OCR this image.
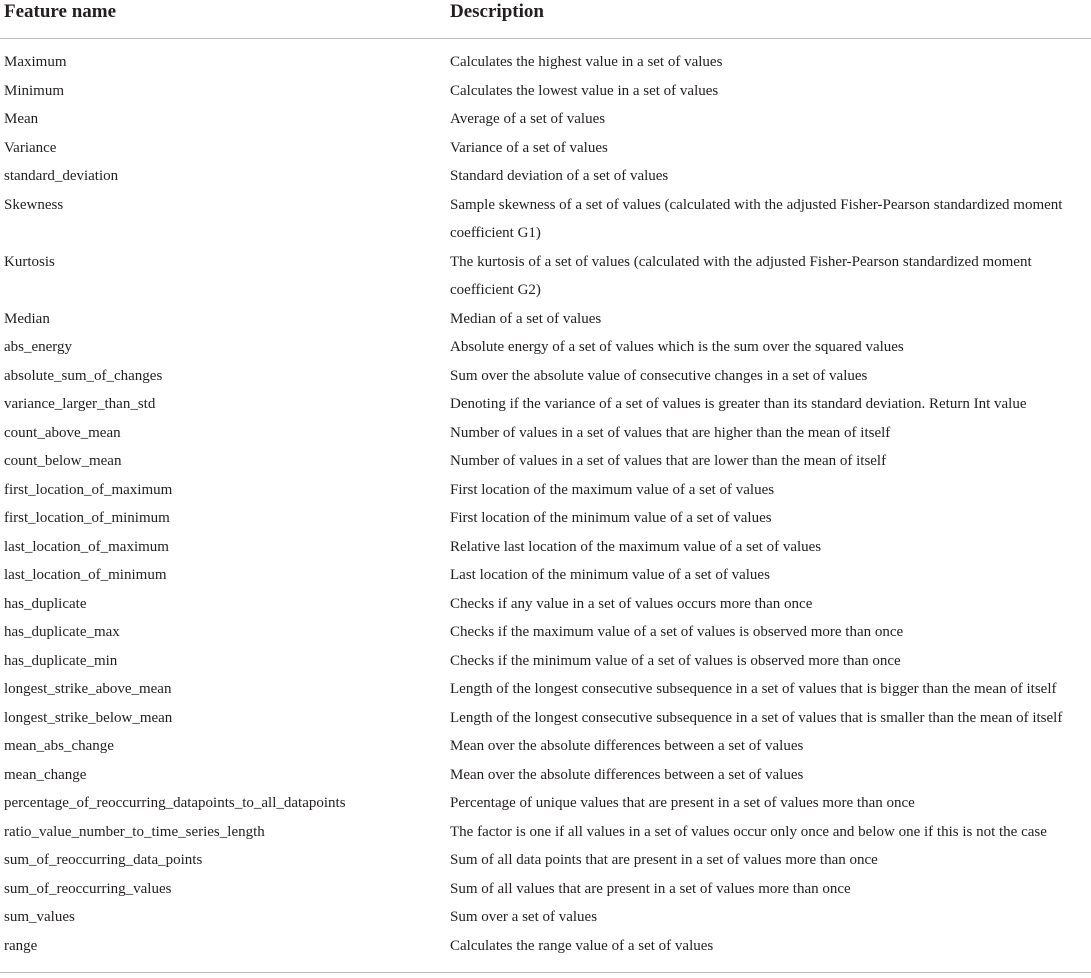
Feature name	Description
Maximum	Calculates the highest value in a set of values
Minimum	Calculates the lowest value in a set of values
Mean	Average of a set of values
Variance	Variance of a set of values
standard_deviation	Standard deviation of a set of values
Skewness	Sample skewness of a set of values (calculated with the adjusted Fisher-Pearson standardized moment coefficient G1)
Kurtosis	The kurtosis of a set of values (calculated with the adjusted Fisher-Pearson standardized moment coefficient G2)
Median	Median of a set of values
abs_energy	Absolute energy of a set of values which is the sum over the squared values
absolute_sum_of_changes	Sum over the absolute value of consecutive changes in a set of values
variance_larger_than_std	Denoting if the variance of a set of values is greater than its standard deviation. Return Int value
count_above_mean	Number of values in a set of values that are higher than the mean of itself
count_below_mean	Number of values in a set of values that are lower than the mean of itself
first_location_of_maximum	First location of the maximum value of a set of values
first_location_of_minimum	First location of the minimum value of a set of values
last_location_of_maximum	Relative last location of the maximum value of a set of values
last_location_of_minimum	Last location of the minimum value of a set of values
has_duplicate	Checks if any value in a set of values occurs more than once
has_duplicate_max	Checks if the maximum value of a set of values is observed more than once
has_duplicate_min	Checks if the minimum value of a set of values is observed more than once
longest_strike_above_mean	Length of the longest consecutive subsequence in a set of values that is bigger than the mean of itself
longest_strike_below_mean	Length of the longest consecutive subsequence in a set of values that is smaller than the mean of itself
mean_abs_change	Mean over the absolute differences between a set of values
mean_change	Mean over the absolute differences between a set of values
percentage_of_reoccurring_datapoints_to_all_datapoints	Percentage of unique values that are present in a set of values more than once
ratio_value_number_to_time_series_length	The factor is one if all values in a set of values occur only once and below one if this is not the case
sum_of_reoccurring_data_points	Sum of all data points that are present in a set of values more than once
sum_of_reoccurring_values	Sum of all values that are present in a set of values more than once
sum_values	Sum over a set of values
range	Calculates the range value of a set of values
